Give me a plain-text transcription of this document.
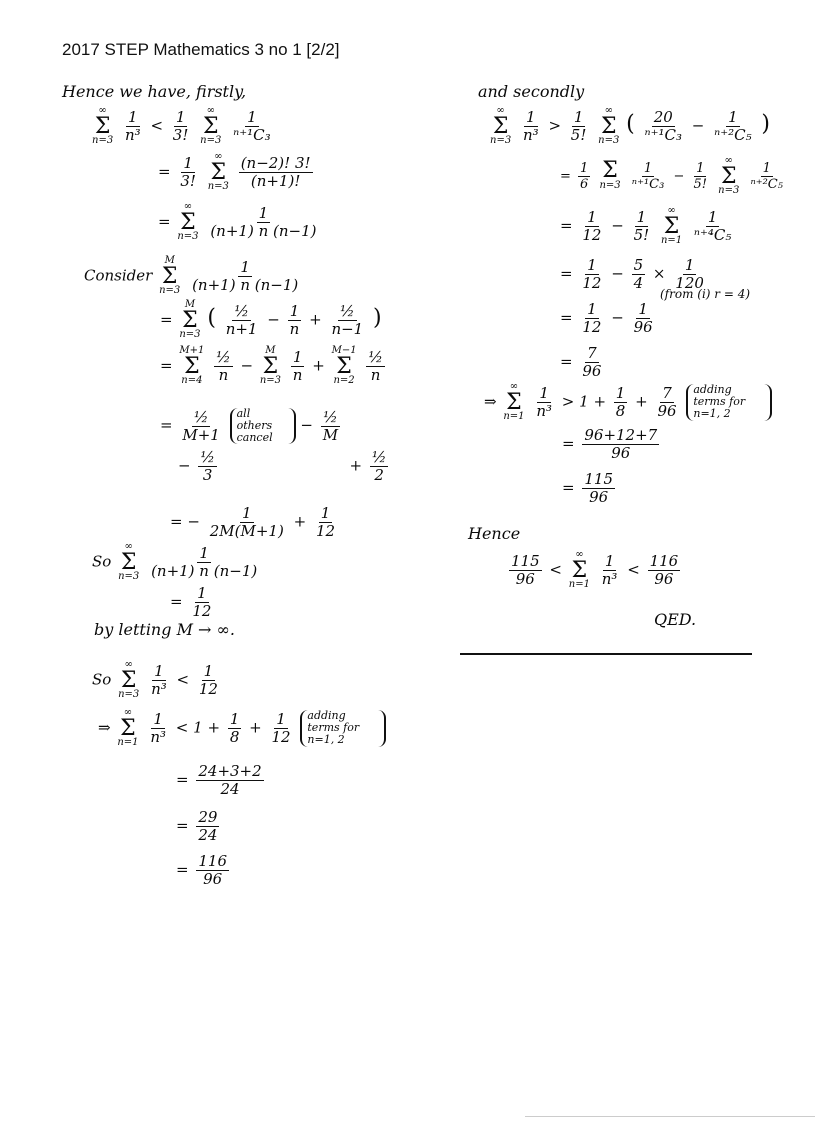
2017 STEP Mathematics 3 no 1 [2/2]
Hence we have, firstly,
∞
Σ
n=3
$\frac{1}{\text{n³}} < \frac{1}{3!}$
∞
Σ
n=3
$\frac{1}{\text{ⁿ⁺¹C₃}}$
= $\frac{1}{3!}$
∞
Σ
n=3
$\frac{(n-2)! 3!}{(n+1)!}$
=
∞
Σ
n=3
$\frac{1}{(n+1) n (n-1)}$
Consider
M
Σ
n=3
$\frac{1}{(n+1) n (n-1)}$
=
M
Σ
n=3
( $\frac{\text{½}}{n+1} - \frac{1}{n} + \frac{\text{½}}{n-1}$ )
=
M+1
Σ
n=4
$\frac{\text{½}}{n}$ −
M
Σ
n=3
$\frac{1}{n}$ +
M−1
Σ
n=2
$\frac{\text{½}}{n}$
= $\frac{\text{½}}{M+1}$ all others cancel − $\frac{\text{½}}{M}$
− $\frac{\text{½}}{3}$	+ $\frac{\text{½}}{2}$
= − $\frac{1}{2M(M+1)} + \frac{1}{12}$
So
∞
Σ
n=3
$\frac{1}{(n+1) n (n-1)}$
= $\frac{1}{12}$
by letting M → ∞.
So
∞
Σ
n=3
$\frac{1}{\text{n³}} < \frac{1}{12}$
⇒
∞
Σ
n=1
$\frac{1}{\text{n³}} < 1 + \frac{1}{8} + \frac{1}{12}$ adding terms for n=1, 2
= $\frac{24+3+2}{24}$
= $\frac{29}{24}$
= $\frac{116}{96}$
and secondly
∞
Σ
n=3
$\frac{1}{\text{n³}} > \frac{1}{5!}$
∞
Σ
n=3
( $\frac{20}{\text{ⁿ⁺¹C₃}} - \frac{1}{\text{ⁿ⁺²C₅}}$ )
= $\frac{1}{6}$
Σ
n=3
$\frac{1}{\text{ⁿ⁺¹C₃}} - \frac{1}{5!}$

∞
Σ
n=3
$\frac{1}{\text{ⁿ⁺²C₅}}$
= $\frac{1}{12} - \frac{1}{5!}$
∞
Σ
n=1
$\frac{1}{\text{ⁿ⁺⁴C₅}}$
= $\frac{1}{12} - \frac{5}{4} \times \frac{1}{120}$
(from (i) r = 4)
= $\frac{1}{12} - \frac{1}{96}$
= $\frac{7}{96}$
⇒
∞
Σ
n=1
$\frac{1}{\text{n³}} > 1 + \frac{1}{8} + \frac{7}{96}$ adding terms for n=1, 2
= $\frac{96+12+7}{96}$
= $\frac{115}{96}$
Hence
$\frac{115}{96}$ <
∞
Σ
n=1
$\frac{1}{\text{n³}} < \frac{116}{96}$
QED.
